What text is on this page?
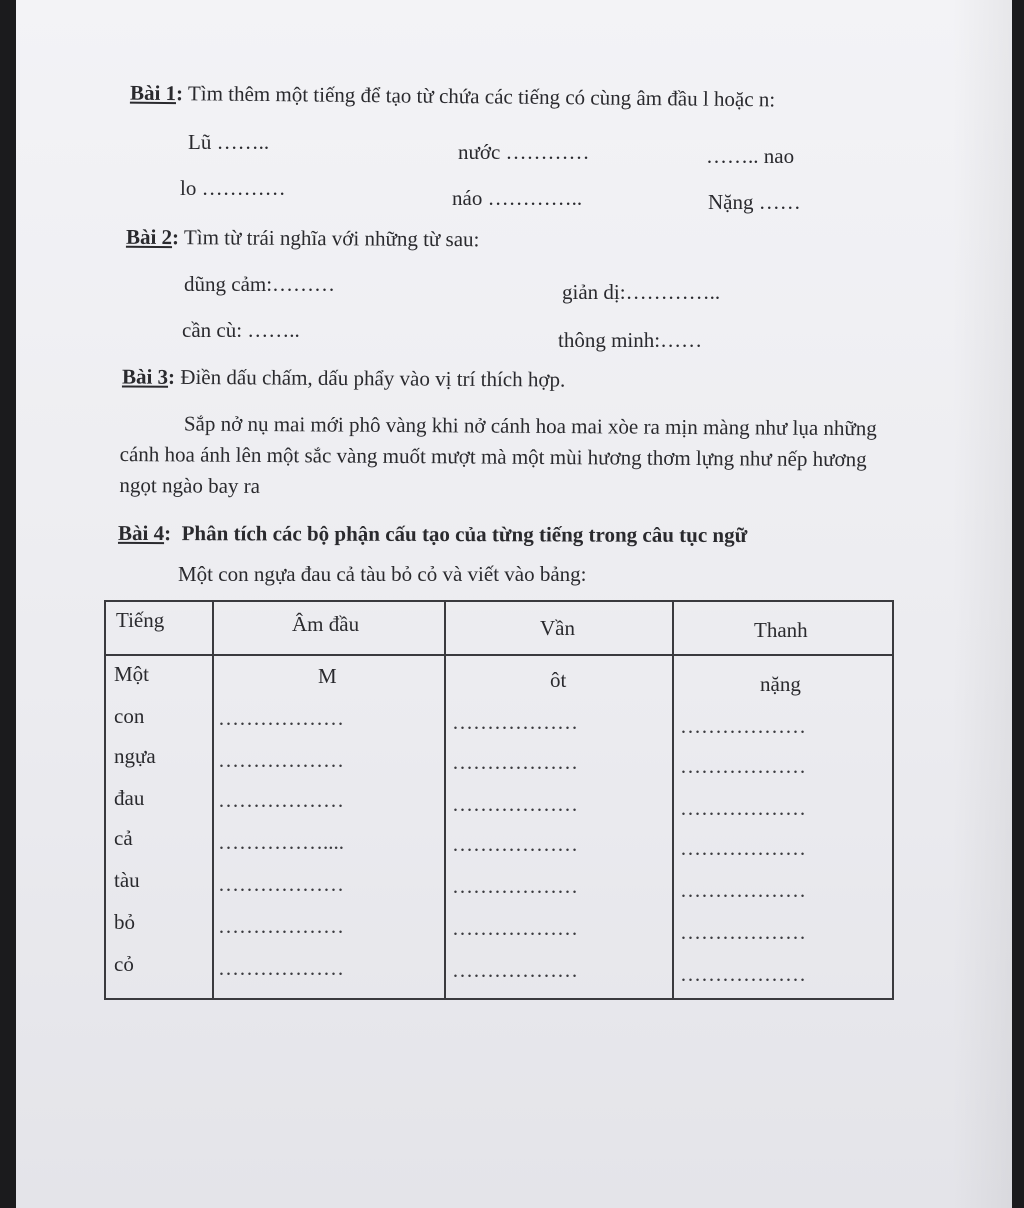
Bài 1: Tìm thêm một tiếng để tạo từ chứa các tiếng có cùng âm đầu l hoặc n:
Lũ ……..	nước …………	…….. nao
lo …………	náo …………..	Nặng ……
Bài 2: Tìm từ trái nghĩa với những từ sau:
dũng cảm:………	giản dị:…………..
cần cù: ……..	thông minh:……
Bài 3: Điền dấu chấm, dấu phẩy vào vị trí thích hợp.
Sắp nở nụ mai mới phô vàng khi nở cánh hoa mai xòe ra mịn màng như lụa những
cánh hoa ánh lên một sắc vàng muốt mượt mà một mùi hương thơm lựng như nếp hương
ngọt ngào bay ra
Bài 4: Phân tích các bộ phận cấu tạo của từng tiếng trong câu tục ngữ
Một con ngựa đau cả tàu bỏ cỏ và viết vào bảng:
Tiếng	Âm đầu	Vần	Thanh
Một	M	ôt	nặng
con	………………	………………	………………
ngựa	………………	………………	………………
đau	………………	………………	………………
cả	……………....	………………	………………
tàu	………………	………………	………………
bỏ	………………	………………	………………
cỏ	………………	………………	………………
